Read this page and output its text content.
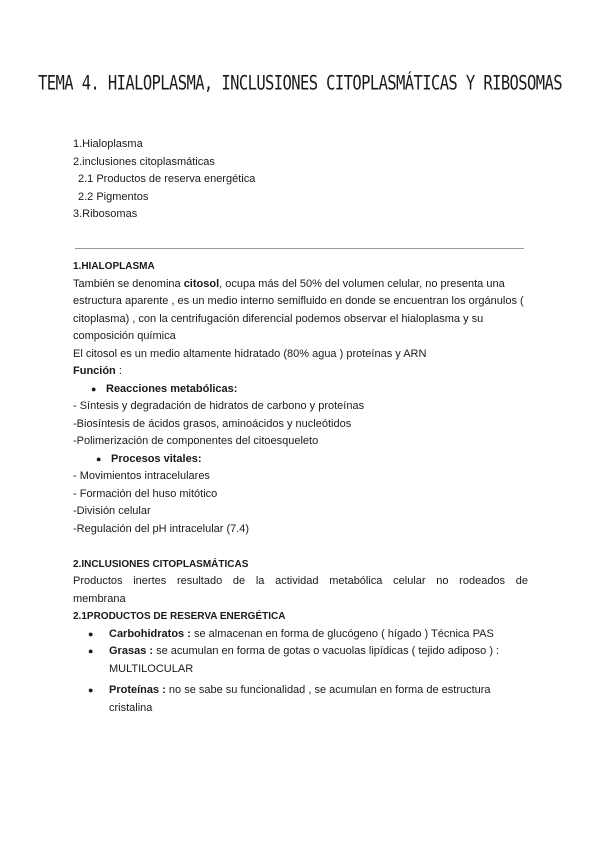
TEMA 4. HIALOPLASMA, INCLUSIONES CITOPLASMÁTICAS Y RIBOSOMAS
1.Hialoplasma
2.inclusiones citoplasmáticas
2.1 Productos de reserva energética
2.2 Pigmentos
3.Ribosomas
1.HIALOPLASMA

También se denomina citosol, ocupa más del 50% del volumen celular, no presenta una estructura aparente , es un medio interno semifluido en donde se encuentran los orgánulos ( citoplasma) , con la centrifugación diferencial podemos observar el hialoplasma y su composición química

El citosol es un medio altamente hidratado (80% agua ) proteínas y ARN

Función :
● Reacciones metabólicas:
- Síntesis y degradación de hidratos de carbono y proteínas
-Biosíntesis de ácidos grasos, aminoácidos y nucleótidos
-Polimerización de componentes del citoesqueleto
● Procesos vitales:
- Movimientos intracelulares
- Formación del huso mitótico
-División celular
-Regulación del pH intracelular (7.4)
2.INCLUSIONES CITOPLASMÁTICAS
Productos inertes resultado de la actividad metabólica celular no rodeados de
membrana
2.1PRODUCTOS DE RESERVA ENERGÉTICA
● Carbohidratos : se almacenan en forma de glucógeno ( hígado ) Técnica PAS
● Grasas : se acumulan en forma de gotas o vacuolas lipídicas ( tejido adiposo ) : MULTILOCULAR
● Proteínas : no se sabe su funcionalidad , se acumulan en forma de estructura cristalina
